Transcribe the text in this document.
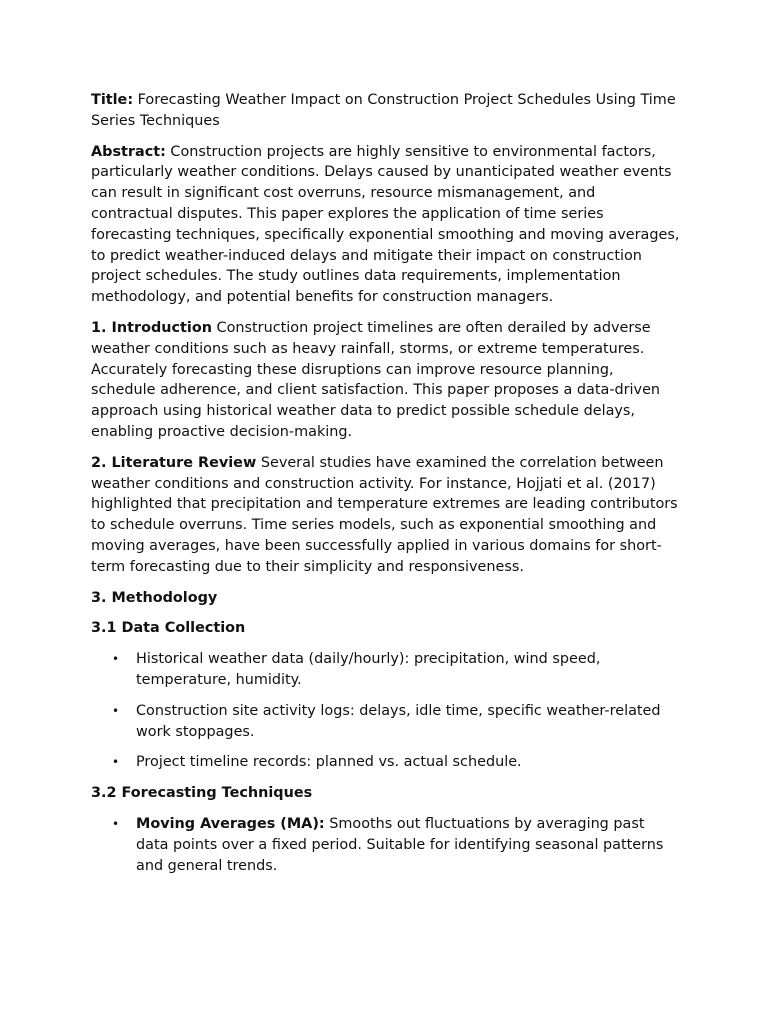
Title: Forecasting Weather Impact on Construction Project Schedules Using Time Series Techniques

Abstract: Construction projects are highly sensitive to environmental factors, particularly weather conditions. Delays caused by unanticipated weather events can result in significant cost overruns, resource mismanagement, and contractual disputes. This paper explores the application of time series forecasting techniques, specifically exponential smoothing and moving averages, to predict weather-induced delays and mitigate their impact on construction project schedules. The study outlines data requirements, implementation methodology, and potential benefits for construction managers.

1. Introduction Construction project timelines are often derailed by adverse weather conditions such as heavy rainfall, storms, or extreme temperatures. Accurately forecasting these disruptions can improve resource planning, schedule adherence, and client satisfaction. This paper proposes a data-driven approach using historical weather data to predict possible schedule delays, enabling proactive decision-making.

2. Literature Review Several studies have examined the correlation between weather conditions and construction activity. For instance, Hojjati et al. (2017) highlighted that precipitation and temperature extremes are leading contributors to schedule overruns. Time series models, such as exponential smoothing and moving averages, have been successfully applied in various domains for short-term forecasting due to their simplicity and responsiveness.

3. Methodology

3.1 Data Collection

• Historical weather data (daily/hourly): precipitation, wind speed, temperature, humidity.
• Construction site activity logs: delays, idle time, specific weather-related work stoppages.
• Project timeline records: planned vs. actual schedule.

3.2 Forecasting Techniques

• Moving Averages (MA): Smooths out fluctuations by averaging past data points over a fixed period. Suitable for identifying seasonal patterns and general trends.
